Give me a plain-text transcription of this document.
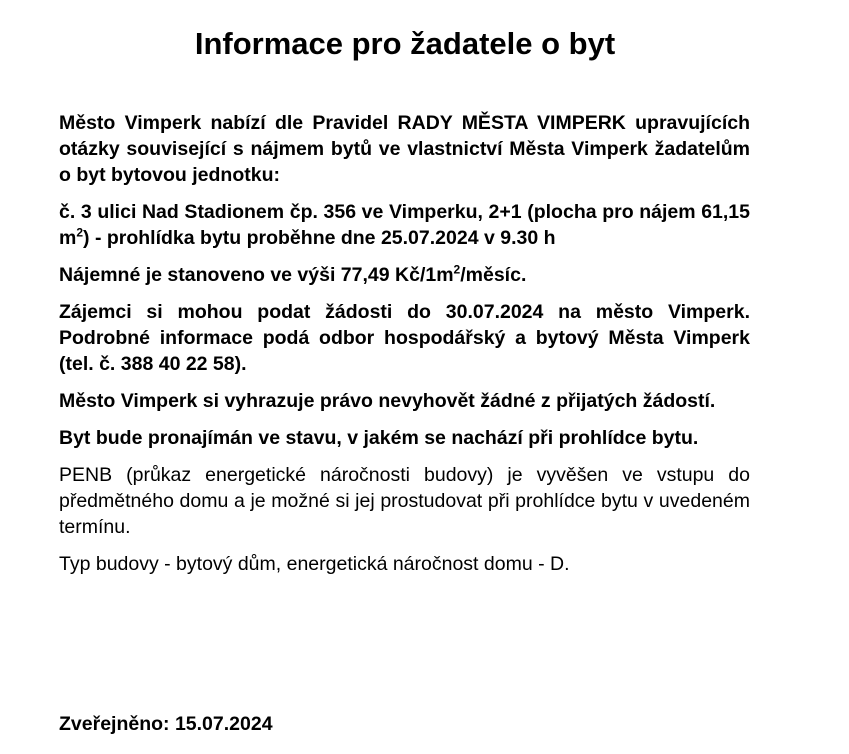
Informace pro žadatele o byt

Město Vimperk nabízí dle Pravidel RADY MĚSTA VIMPERK upravujících otázky související s nájmem bytů ve vlastnictví Města Vimperk žadatelům o byt bytovou jednotku:

č. 3 ulici Nad Stadionem čp. 356 ve Vimperku, 2+1 (plocha pro nájem 61,15 $m^2$) - prohlídka bytu proběhne dne 25.07.2024 v 9.30 h

Nájemné je stanoveno ve výši 77,49 $Kč/1m^2$/měsíc.

Zájemci si mohou podat žádosti do 30.07.2024 na město Vimperk. Podrobné informace podá odbor hospodářský a bytový Města Vimperk (tel. č. 388 40 22 58).

Město Vimperk si vyhrazuje právo nevyhovět žádné z přijatých žádostí.

Byt bude pronajímán ve stavu, v jakém se nachází při prohlídce bytu.

PENB (průkaz energetické náročnosti budovy) je vyvěšen ve vstupu do předmětného domu a je možné si jej prostudovat při prohlídce bytu v uvedeném termínu.

Typ budovy - bytový dům, energetická náročnost domu - D.

Zveřejněno: 15.07.2024
